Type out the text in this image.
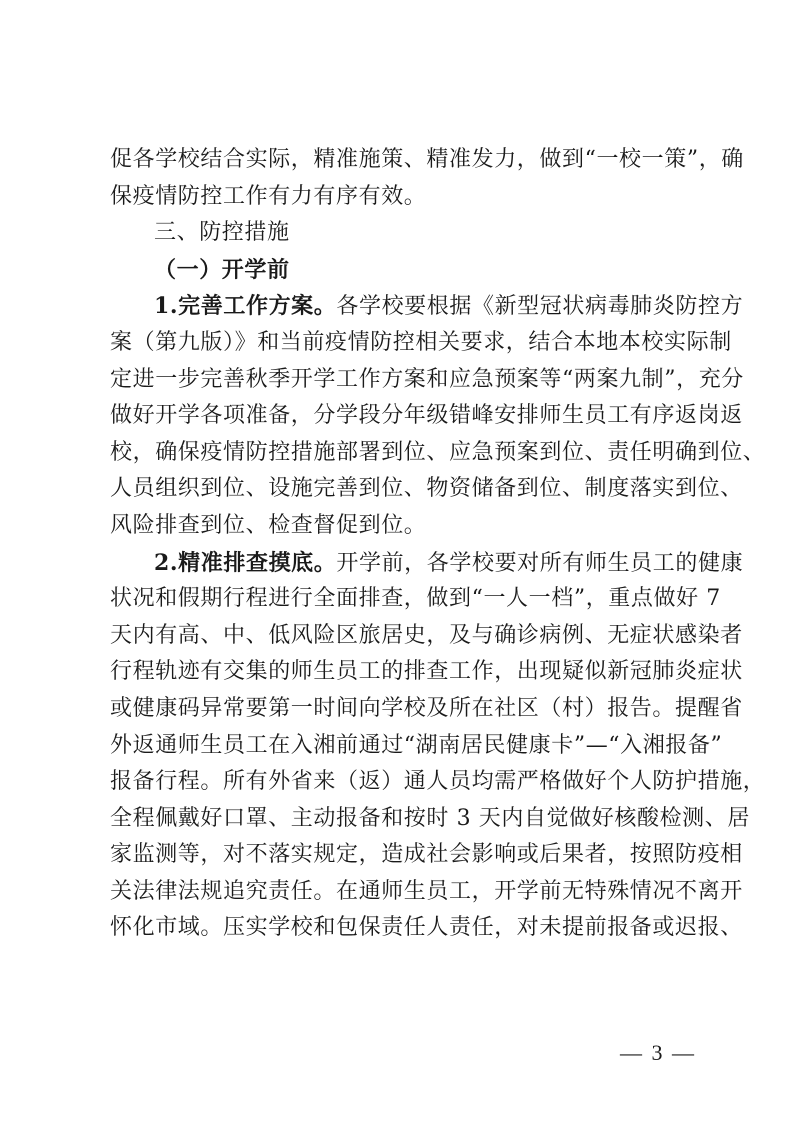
促各学校结合实际，精准施策、精准发力，做到“一校一策”，确
保疫情防控工作有力有序有效。
三、防控措施
（一）开学前
1.完善工作方案。各学校要根据《新型冠状病毒肺炎防控方
案（第九版）》和当前疫情防控相关要求，结合本地本校实际制
定进一步完善秋季开学工作方案和应急预案等“两案九制”，充分
做好开学各项准备，分学段分年级错峰安排师生员工有序返岗返
校，确保疫情防控措施部署到位、应急预案到位、责任明确到位、
人员组织到位、设施完善到位、物资储备到位、制度落实到位、
风险排查到位、检查督促到位。
2.精准排查摸底。开学前，各学校要对所有师生员工的健康
状况和假期行程进行全面排查，做到“一人一档”，重点做好 7
天内有高、中、低风险区旅居史，及与确诊病例、无症状感染者
行程轨迹有交集的师生员工的排查工作，出现疑似新冠肺炎症状
或健康码异常要第一时间向学校及所在社区（村）报告。提醒省
外返通师生员工在入湘前通过“湖南居民健康卡”—“入湘报备”
报备行程。所有外省来（返）通人员均需严格做好个人防护措施，
全程佩戴好口罩、主动报备和按时 3 天内自觉做好核酸检测、居
家监测等，对不落实规定，造成社会影响或后果者，按照防疫相
关法律法规追究责任。在通师生员工，开学前无特殊情况不离开
怀化市域。压实学校和包保责任人责任，对未提前报备或迟报、
— 3 —
